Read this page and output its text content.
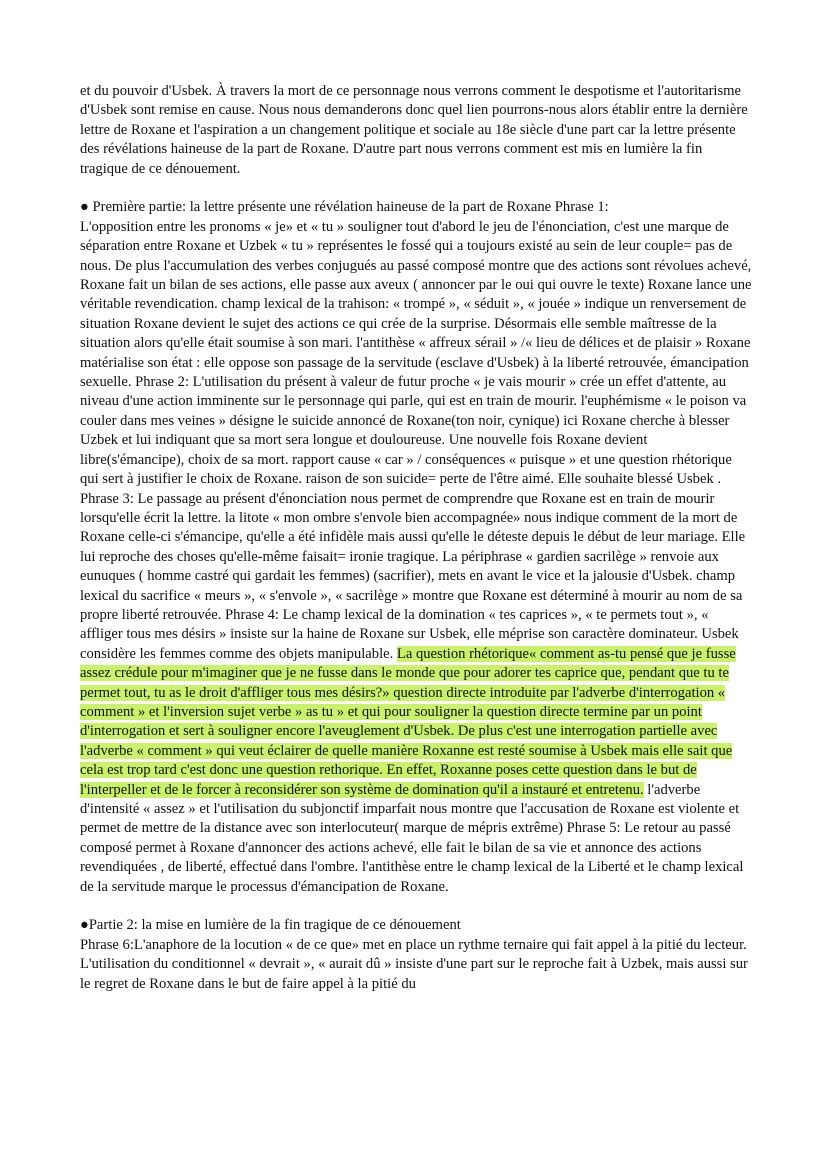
et du pouvoir d'Usbek. À travers la mort de ce personnage nous verrons comment le despotisme et l'autoritarisme d'Usbek sont remise en cause. Nous nous demanderons donc quel lien pourrons-nous alors établir entre la dernière lettre de Roxane et l'aspiration a un changement politique et sociale au 18e siècle d'une part car la lettre présente des révélations haineuse de la part de Roxane. D'autre part nous verrons comment est mis en lumière la fin tragique de ce dénouement.

● Première partie: la lettre présente une révélation haineuse de la part de Roxane Phrase 1:

L'opposition entre les pronoms « je» et « tu » souligner tout d'abord le jeu de l'énonciation, c'est une marque de séparation entre Roxane et Uzbek « tu » représentes le fossé qui a toujours existé au sein de leur couple= pas de nous. De plus l'accumulation des verbes conjugués au passé composé montre que des actions sont révolues achevé, Roxane fait un bilan de ses actions, elle passe aux aveux ( annoncer par le oui qui ouvre le texte) Roxane lance une véritable revendication. champ lexical de la trahison: « trompé », « séduit », « jouée » indique un renversement de situation Roxane devient le sujet des actions ce qui crée de la surprise. Désormais elle semble maîtresse de la situation alors qu'elle était soumise à son mari. l'antithèse « affreux sérail » /« lieu de délices et de plaisir » Roxane matérialise son état : elle oppose son passage de la servitude (esclave d'Usbek) à la liberté retrouvée, émancipation sexuelle. Phrase 2: L'utilisation du présent à valeur de futur proche « je vais mourir » crée un effet d'attente, au niveau d'une action imminente sur le personnage qui parle, qui est en train de mourir. l'euphémisme « le poison va couler dans mes veines » désigne le suicide annoncé de Roxane(ton noir, cynique) ici Roxane cherche à blesser Uzbek et lui indiquant que sa mort sera longue et douloureuse. Une nouvelle fois Roxane devient libre(s'émancipe), choix de sa mort. rapport cause « car » / conséquences « puisque » et une question rhétorique qui sert à justifier le choix de Roxane. raison de son suicide= perte de l'être aimé. Elle souhaite blessé Usbek . Phrase 3: Le passage au présent d'énonciation nous permet de comprendre que Roxane est en train de mourir lorsqu'elle écrit la lettre. la litote « mon ombre s'envole bien accompagnée» nous indique comment de la mort de Roxane celle-ci s'émancipe, qu'elle a été infidèle mais aussi qu'elle le déteste depuis le début de leur mariage. Elle lui reproche des choses qu'elle-même faisait= ironie tragique. La périphrase « gardien sacrilège » renvoie aux eunuques ( homme castré qui gardait les femmes) (sacrifier), mets en avant le vice et la jalousie d'Usbek. champ lexical du sacrifice « meurs », « s'envole », « sacrilège » montre que Roxane est déterminé à mourir au nom de sa propre liberté retrouvée. Phrase 4: Le champ lexical de la domination « tes caprices », « te permets tout », « affliger tous mes désirs » insiste sur la haine de Roxane sur Usbek, elle méprise son caractère dominateur. Usbek considère les femmes comme des objets manipulable. La question rhétorique« comment as-tu pensé que je fusse assez crédule pour m'imaginer que je ne fusse dans le monde que pour adorer tes caprice que, pendant que tu te permet tout, tu as le droit d'affliger tous mes désirs?» question directe introduite par l'adverbe d'interrogation « comment » et l'inversion sujet verbe » as tu » et qui pour souligner la question directe termine par un point d'interrogation et sert à souligner encore l'aveuglement d'Usbek. De plus c'est une interrogation partielle avec l'adverbe « comment » qui veut éclairer de quelle manière Roxanne est resté soumise à Usbek mais elle sait que cela est trop tard c'est donc une question rethorique. En effet, Roxanne poses cette question dans le but de l'interpeller et de le forcer à reconsidérer son système de domination qu'il a instauré et entretenu. l'adverbe d'intensité « assez » et l'utilisation du subjonctif imparfait nous montre que l'accusation de Roxane est violente et permet de mettre de la distance avec son interlocuteur( marque de mépris extrême) Phrase 5: Le retour au passé composé permet à Roxane d'annoncer des actions achevé, elle fait le bilan de sa vie et annonce des actions revendiquées , de liberté, effectué dans l'ombre. l'antithèse entre le champ lexical de la Liberté et le champ lexical de la servitude marque le processus d'émancipation de Roxane.

●Partie 2: la mise en lumière de la fin tragique de ce dénouement

Phrase 6:L'anaphore de la locution « de ce que» met en place un rythme ternaire qui fait appel à la pitié du lecteur. L'utilisation du conditionnel « devrait », « aurait dû » insiste d'une part sur le reproche fait à Uzbek, mais aussi sur le regret de Roxane dans le but de faire appel à la pitié du
